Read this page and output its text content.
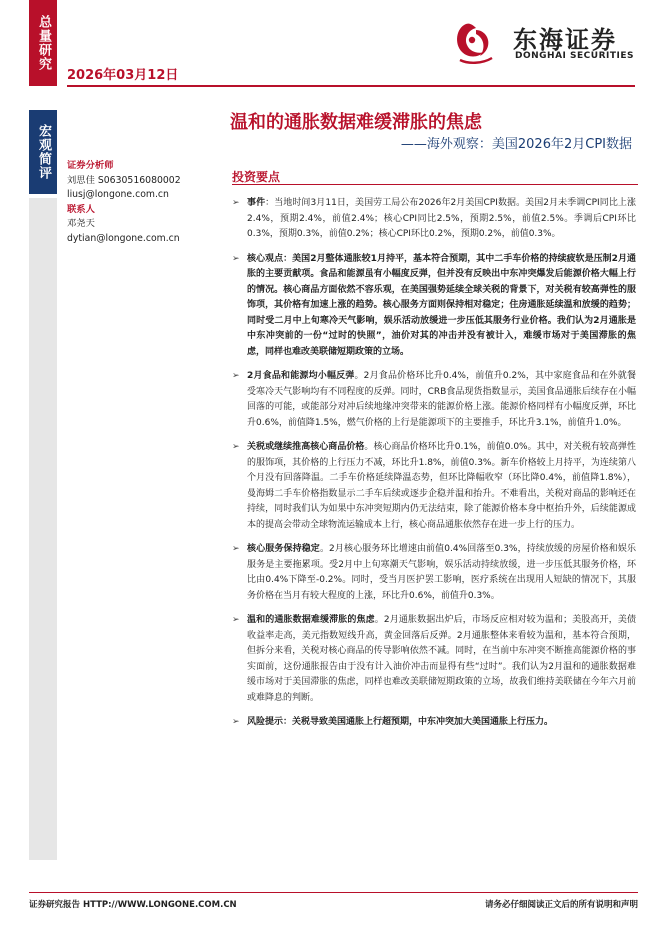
总量研究
宏观简评
2026年03月12日
东海证券
DONGHAI SECURITIES
温和的通胀数据难缓滞胀的焦虑
——海外观察：美国2026年2月CPI数据
证券分析师
刘思佳 S0630516080002
liusj@longone.com.cn
联系人
邓尧天
dytian@longone.com.cn
投资要点
➢ 事件：当地时间3月11日，美国劳工局公布2026年2月美国CPI数据。美国2月未季调CPI同比上涨2.4%，预期2.4%，前值2.4%；核心CPI同比2.5%，预期2.5%，前值2.5%。季调后CPI环比0.3%，预期0.3%，前值0.2%；核心CPI环比0.2%，预期0.2%，前值0.3%。
➢ 核心观点：美国2月整体通胀较1月持平，基本符合预期，其中二手车价格的持续疲软是压制2月通胀的主要贡献项。食品和能源虽有小幅度反弹，但并没有反映出中东冲突爆发后能源价格大幅上行的情况。核心商品方面依然不容乐观，在美国强势延续全球关税的背景下，对关税有较高弹性的服饰项，其价格有加速上涨的趋势。核心服务方面则保持相对稳定；住房通胀延续温和放缓的趋势；同时受二月中上旬寒冷天气影响，娱乐活动放缓进一步压低其服务行业价格。我们认为2月通胀是中东冲突前的一份“过时的快照”，油价对其的冲击并没有被计入，难缓市场对于美国滞胀的焦虑，同样也难改美联储短期政策的立场。
➢ 2月食品和能源均小幅反弹。2月食品价格环比升0.4%，前值升0.2%，其中家庭食品和在外就餐受寒冷天气影响均有不同程度的反弹。同时，CRB食品现货指数显示，美国食品通胀后续存在小幅回落的可能，或能部分对冲后续地缘冲突带来的能源价格上涨。能源价格同样有小幅度反弹，环比升0.6%，前值降1.5%，燃气价格的上行是能源项下的主要推手，环比升3.1%，前值升1.0%。
➢ 关税或继续推高核心商品价格。核心商品价格环比升0.1%，前值0.0%。其中，对关税有较高弹性的服饰项，其价格的上行压力不减，环比升1.8%，前值0.3%。新车价格较上月持平，为连续第八个月没有回落降温。二手车价格延续降温态势，但环比降幅收窄（环比降0.4%，前值降1.8%），曼海姆二手车价格指数显示二手车后续或逐步企稳并温和抬升。不难看出，关税对商品的影响还在持续，同时我们认为如果中东冲突短期内仍无法结束，除了能源价格本身中枢抬升外，后续能源成本的提高会带动全球物流运输成本上行，核心商品通胀依然存在进一步上行的压力。
➢ 核心服务保持稳定。2月核心服务环比增速由前值0.4%回落至0.3%，持续放缓的房屋价格和娱乐服务是主要拖累项。受2月中上旬寒潮天气影响，娱乐活动持续放缓，进一步压低其服务价格，环比由0.4%下降至-0.2%。同时，受当月医护罢工影响，医疗系统在出现用人短缺的情况下，其服务价格在当月有较大程度的上涨，环比升0.6%，前值升0.3%。
➢ 温和的通胀数据难缓滞胀的焦虑。2月通胀数据出炉后，市场反应相对较为温和；美股高开，美债收益率走高，美元指数短线升高，黄金回落后反弹。2月通胀整体来看较为温和，基本符合预期，但拆分来看，关税对核心商品的传导影响依然不减。同时，在当前中东冲突不断推高能源价格的事实面前，这份通胀报告由于没有计入油价冲击而显得有些“过时”。我们认为2月温和的通胀数据难缓市场对于美国滞胀的焦虑，同样也难改美联储短期政策的立场，故我们维持美联储在今年六月前或难降息的判断。
➢ 风险提示：关税导致美国通胀上行超预期，中东冲突加大美国通胀上行压力。
证券研究报告 HTTP://WWW.LONGONE.COM.CN	请务必仔细阅读正文后的所有说明和声明
